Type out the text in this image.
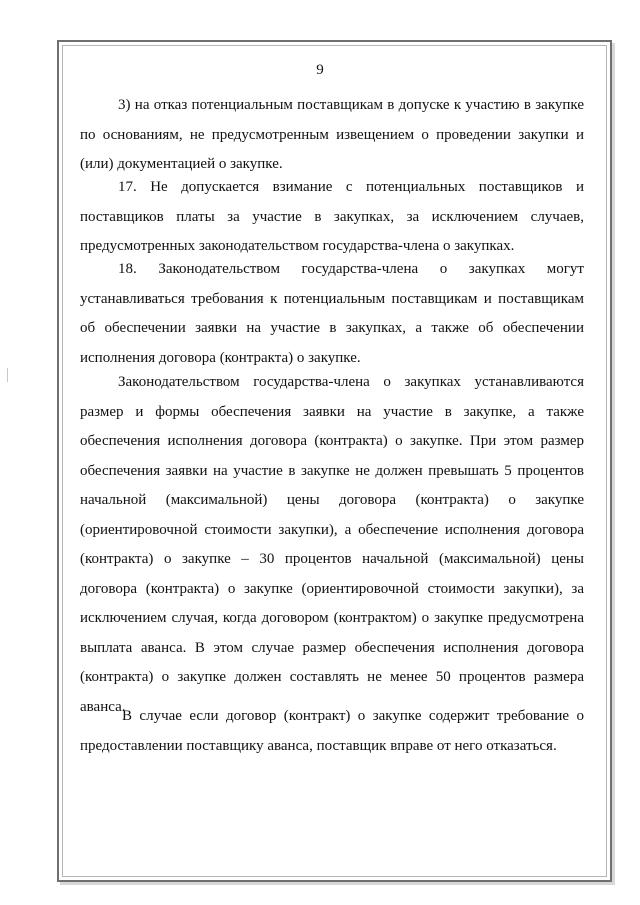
9

3) на отказ потенциальным поставщикам в допуске к участию в закупке по основаниям, не предусмотренным извещением о проведении закупки и (или) документацией о закупке.

17. Не допускается взимание с потенциальных поставщиков и поставщиков платы за участие в закупках, за исключением случаев, предусмотренных законодательством государства-члена о закупках.

18. Законодательством государства-члена о закупках могут устанавливаться требования к потенциальным поставщикам и поставщикам об обеспечении заявки на участие в закупках, а также об обеспечении исполнения договора (контракта) о закупке.

Законодательством государства-члена о закупках устанавливаются размер и формы обеспечения заявки на участие в закупке, а также обеспечения исполнения договора (контракта) о закупке. При этом размер обеспечения заявки на участие в закупке не должен превышать 5 процентов начальной (максимальной) цены договора (контракта) о закупке (ориентировочной стоимости закупки), а обеспечение исполнения договора (контракта) о закупке – 30 процентов начальной (максимальной) цены договора (контракта) о закупке (ориентировочной стоимости закупки), за исключением случая, когда договором (контрактом) о закупке предусмотрена выплата аванса. В этом случае размер обеспечения исполнения договора (контракта) о закупке должен составлять не менее 50 процентов размера аванса.

В случае если договор (контракт) о закупке содержит требование о предоставлении поставщику аванса, поставщик вправе от него отказаться.
